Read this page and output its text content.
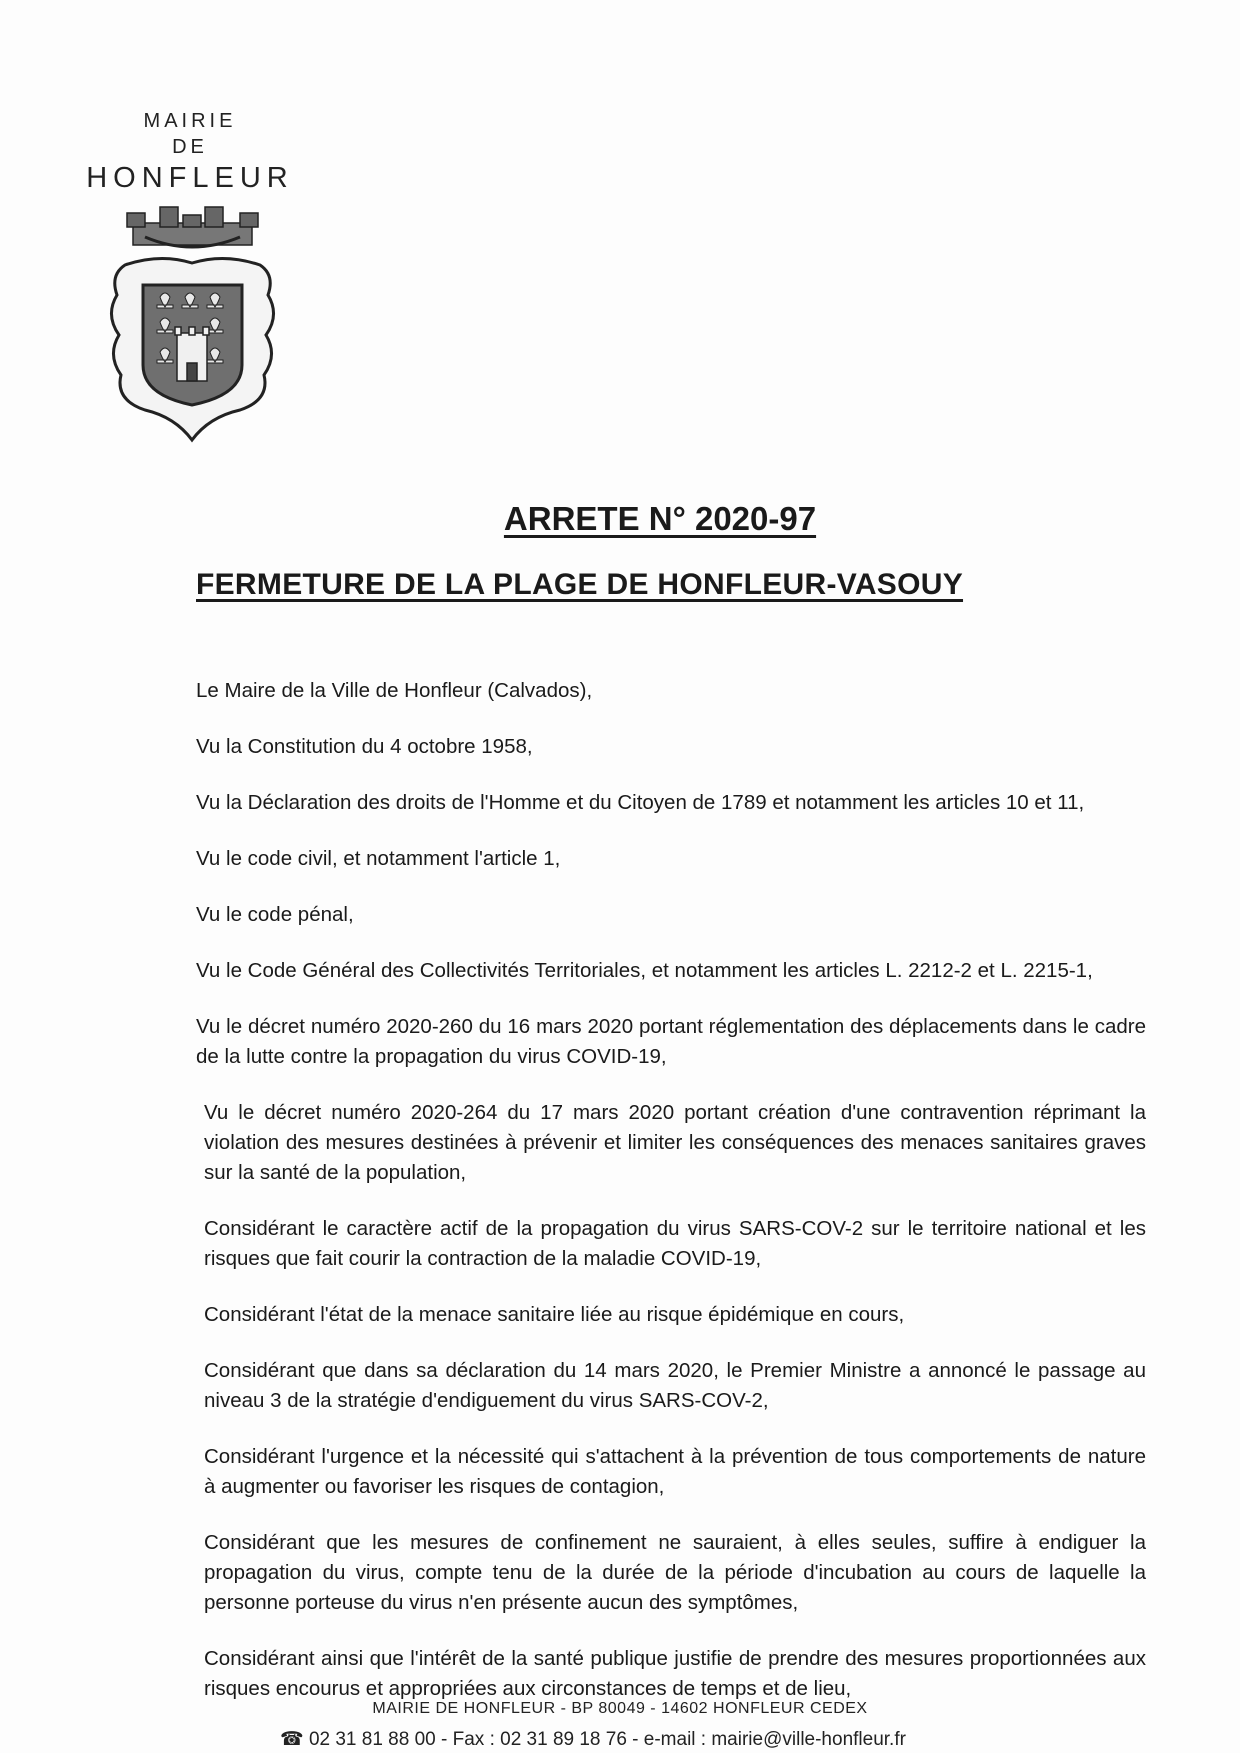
MAIRIE
DE
HONFLEUR
ARRETE N° 2020-97
FERMETURE DE LA PLAGE DE HONFLEUR-VASOUY

Le Maire de la Ville de Honfleur (Calvados),

Vu la Constitution du 4 octobre 1958,

Vu la Déclaration des droits de l'Homme et du Citoyen de 1789 et notamment les articles 10 et 11,

Vu le code civil, et notamment l'article 1,

Vu le code pénal,

Vu le Code Général des Collectivités Territoriales, et notamment les articles L. 2212-2 et L. 2215-1,

Vu le décret numéro 2020-260 du 16 mars 2020 portant réglementation des déplacements dans le cadre de la lutte contre la propagation du virus COVID-19,

Vu le décret numéro 2020-264 du 17 mars 2020 portant création d'une contravention réprimant la violation des mesures destinées à prévenir et limiter les conséquences des menaces sanitaires graves sur la santé de la population,

Considérant le caractère actif de la propagation du virus SARS-COV-2 sur le territoire national et les risques que fait courir la contraction de la maladie COVID-19,

Considérant l'état de la menace sanitaire liée au risque épidémique en cours,

Considérant que dans sa déclaration du 14 mars 2020, le Premier Ministre a annoncé le passage au niveau 3 de la stratégie d'endiguement du virus SARS-COV-2,

Considérant l'urgence et la nécessité qui s'attachent à la prévention de tous comportements de nature à augmenter ou favoriser les risques de contagion,

Considérant que les mesures de confinement ne sauraient, à elles seules, suffire à endiguer la propagation du virus, compte tenu de la durée de la période d'incubation au cours de laquelle la personne porteuse du virus n'en présente aucun des symptômes,

Considérant ainsi que l'intérêt de la santé publique justifie de prendre des mesures proportionnées aux risques encourus et appropriées aux circonstances de temps et de lieu,

MAIRIE DE HONFLEUR - BP 80049 - 14602 HONFLEUR CEDEX
☎ 02 31 81 88 00 - Fax : 02 31 89 18 76 - e-mail : mairie@ville-honfleur.fr
